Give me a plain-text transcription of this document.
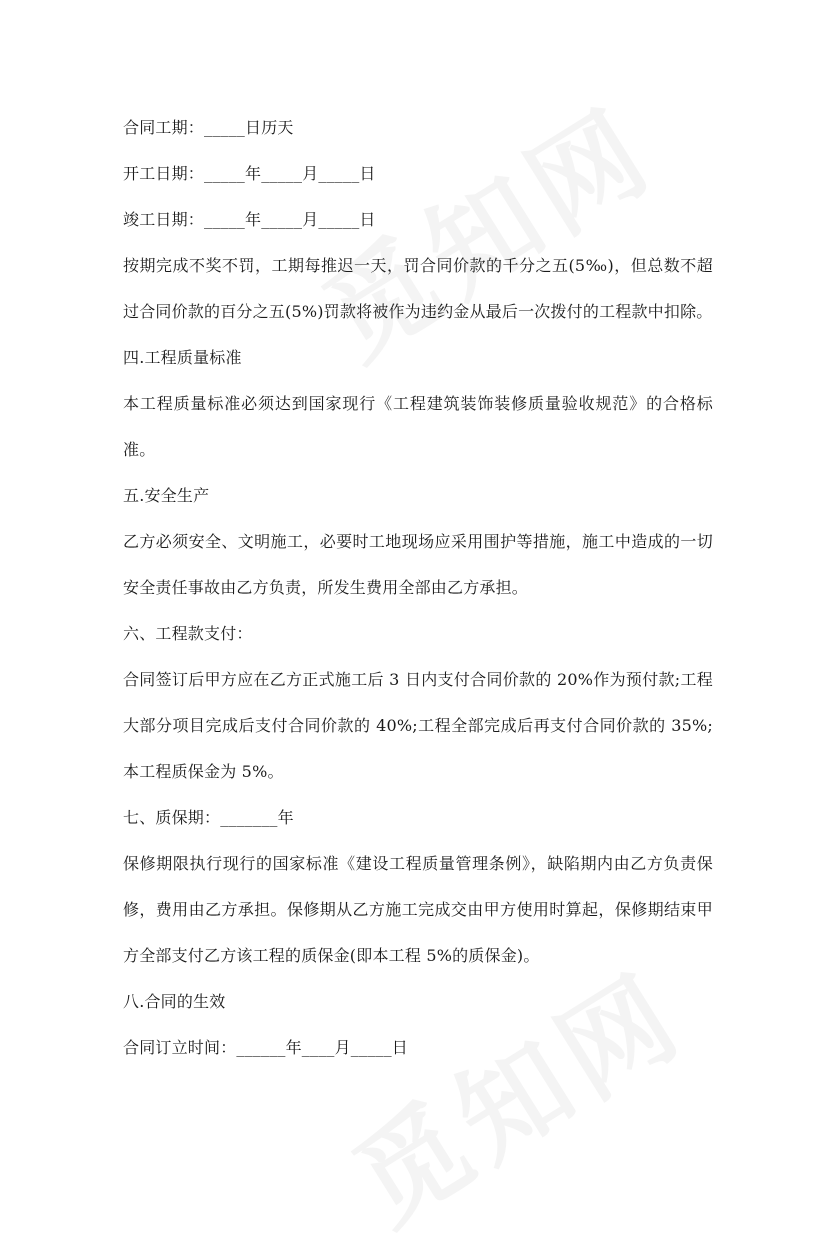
合同工期：_____日历天

开工日期：_____年_____月_____日

竣工日期：_____年_____月_____日

按期完成不奖不罚，工期每推迟一天，罚合同价款的千分之五(5‰)，但总数不超过合同价款的百分之五(5%)罚款将被作为违约金从最后一次拨付的工程款中扣除。

四.工程质量标准

本工程质量标准必须达到国家现行《工程建筑装饰装修质量验收规范》的合格标准。

五.安全生产

乙方必须安全、文明施工，必要时工地现场应采用围护等措施，施工中造成的一切安全责任事故由乙方负责，所发生费用全部由乙方承担。

六、工程款支付：

合同签订后甲方应在乙方正式施工后 3 日内支付合同价款的 20%作为预付款;工程大部分项目完成后支付合同价款的 40%;工程全部完成后再支付合同价款的 35%;本工程质保金为 5%。

七、质保期：_______年

保修期限执行现行的国家标准《建设工程质量管理条例》，缺陷期内由乙方负责保修，费用由乙方承担。保修期从乙方施工完成交由甲方使用时算起，保修期结束甲方全部支付乙方该工程的质保金(即本工程 5%的质保金)。

八.合同的生效

合同订立时间：______年____月_____日
